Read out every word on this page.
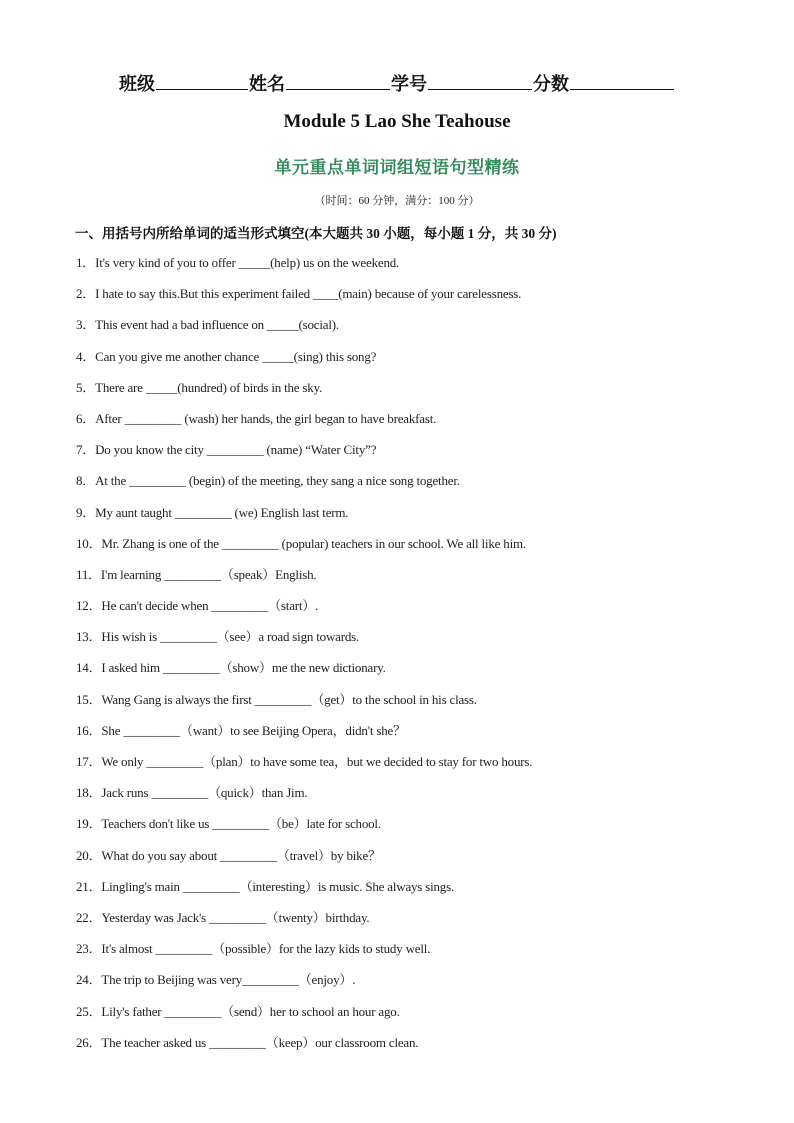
班级	姓名	学号	分数
Module 5 Lao She Teahouse
单元重点单词词组短语句型精练
（时间：60 分钟，满分：100 分）
一、用括号内所给单词的适当形式填空(本大题共 30 小题，每小题 1 分，共 30 分)
1．It's very kind of you to offer _____(help) us on the weekend.
2．I hate to say this.But this experiment failed ____(main) because of your carelessness.
3．This event had a bad influence on _____(social).
4．Can you give me another chance _____(sing) this song?
5．There are _____(hundred) of birds in the sky.
6．After _________ (wash) her hands, the girl began to have breakfast.
7．Do you know the city _________ (name) “Water City”?
8．At the _________ (begin) of the meeting, they sang a nice song together.
9．My aunt taught _________ (we) English last term.
10．Mr. Zhang is one of the _________ (popular) teachers in our school. We all like him.
11．I'm learning _________（speak）English.
12．He can't decide when _________（start）.
13．His wish is _________（see）a road sign towards.
14．I asked him _________（show）me the new dictionary.
15．Wang Gang is always the first _________（get）to the school in his class.
16．She _________（want）to see Beijing Opera，didn't she？
17．We only _________（plan）to have some tea，but we decided to stay for two hours.
18．Jack runs _________（quick）than Jim.
19．Teachers don't like us _________（be）late for school.
20．What do you say about _________（travel）by bike？
21．Lingling's main _________（interesting）is music. She always sings.
22．Yesterday was Jack's _________（twenty）birthday.
23．It's almost _________（possible）for the lazy kids to study well.
24．The trip to Beijing was very_________（enjoy）.
25．Lily's father _________（send）her to school an hour ago.
26．The teacher asked us _________（keep）our classroom clean.
